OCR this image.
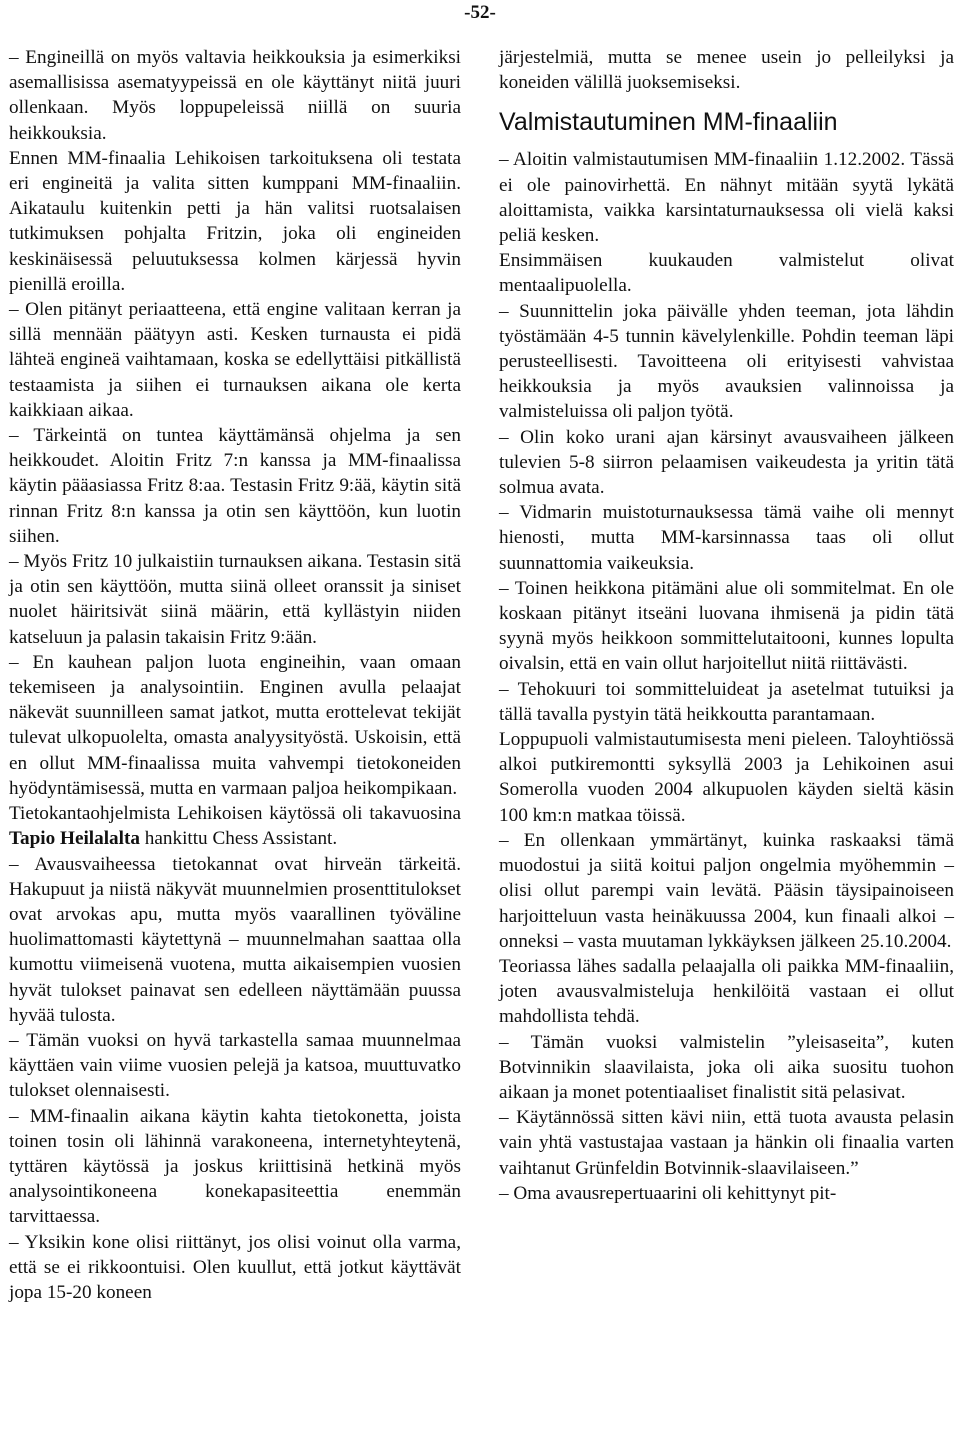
-52-

– Engineillä on myös valtavia heikkouksia ja esimerkiksi asemallisissa asematyypeissä en ole käyttänyt niitä juuri ollenkaan. Myös loppupeleissä niillä on suuria heikkouksia.

Ennen MM-finaalia Lehikoisen tarkoituksena oli testata eri engineitä ja valita sitten kumppani MM-finaaliin. Aikataulu kuitenkin petti ja hän valitsi ruotsalaisen tutkimuksen pohjalta Fritzin, joka oli engineiden keskinäisessä peluutuksessa kolmen kärjessä hyvin pienillä eroilla.

– Olen pitänyt periaatteena, että engine valitaan kerran ja sillä mennään päätyyn asti. Kesken turnausta ei pidä lähteä engineä vaihtamaan, koska se edellyttäisi pitkällistä testaamista ja siihen ei turnauksen aikana ole kerta kaikkiaan aikaa.

– Tärkeintä on tuntea käyttämänsä ohjelma ja sen heikkoudet. Aloitin Fritz 7:n kanssa ja MM-finaalissa käytin pääasiassa Fritz 8:aa. Testasin Fritz 9:ää, käytin sitä rinnan Fritz 8:n kanssa ja otin sen käyttöön, kun luotin siihen.

– Myös Fritz 10 julkaistiin turnauksen aikana. Testasin sitä ja otin sen käyttöön, mutta siinä olleet oranssit ja siniset nuolet häiritsivät siinä määrin, että kyllästyin niiden katseluun ja palasin takaisin Fritz 9:ään.

– En kauhean paljon luota engineihin, vaan omaan tekemiseen ja analysointiin. Enginen avulla pelaajat näkevät suunnilleen samat jatkot, mutta erottelevat tekijät tulevat ulkopuolelta, omasta analyysityöstä. Uskoisin, että en ollut MM-finaalissa muita vahvempi tietokoneiden hyödyntämisessä, mutta en varmaan paljoa heikompikaan.

Tietokantaohjelmista Lehikoisen käytössä oli takavuosina Tapio Heilalalta hankittu Chess Assistant.

– Avausvaiheessa tietokannat ovat hirveän tärkeitä. Hakupuut ja niistä näkyvät muunnelmien prosenttitulokset ovat arvokas apu, mutta myös vaarallinen työväline huolimattomasti käytettynä – muunnelmahan saattaa olla kumottu viimeisenä vuotena, mutta aikaisempien vuosien hyvät tulokset painavat sen edelleen näyttämään puussa hyvää tulosta.

– Tämän vuoksi on hyvä tarkastella samaa muunnelmaa käyttäen vain viime vuosien pelejä ja katsoa, muuttuvatko tulokset olennaisesti.

– MM-finaalin aikana käytin kahta tietokonetta, joista toinen tosin oli lähinnä varakoneena, internetyhteytenä, tyttären käytössä ja joskus kriittisinä hetkinä myös analysointikoneena konekapasiteettia enemmän tarvittaessa.

– Yksikin kone olisi riittänyt, jos olisi voinut olla varma, että se ei rikkoontuisi. Olen kuullut, että jotkut käyttävät jopa 15-20 koneen

järjestelmiä, mutta se menee usein jo pelleilyksi ja koneiden välillä juoksemiseksi.

Valmistautuminen MM-finaaliin

– Aloitin valmistautumisen MM-finaaliin 1.12.2002. Tässä ei ole painovirhettä. En nähnyt mitään syytä lykätä aloittamista, vaikka karsintaturnauksessa oli vielä kaksi peliä kesken.

Ensimmäisen kuukauden valmistelut olivat mentaalipuolella.

– Suunnittelin joka päivälle yhden teeman, jota lähdin työstämään 4-5 tunnin kävelylenkille. Pohdin teeman läpi perusteellisesti. Tavoitteena oli erityisesti vahvistaa heikkouksia ja myös avauksien valinnoissa ja valmisteluissa oli paljon työtä.

– Olin koko urani ajan kärsinyt avausvaiheen jälkeen tulevien 5-8 siirron pelaamisen vaikeudesta ja yritin tätä solmua avata.

– Vidmarin muistoturnauksessa tämä vaihe oli mennyt hienosti, mutta MM-karsinnassa taas oli ollut suunnattomia vaikeuksia.

– Toinen heikkona pitämäni alue oli sommitelmat. En ole koskaan pitänyt itseäni luovana ihmisenä ja pidin tätä syynä myös heikkoon sommittelutaitooni, kunnes lopulta oivalsin, että en vain ollut harjoitellut niitä riittävästi.

– Tehokuuri toi sommitteluideat ja asetelmat tutuiksi ja tällä tavalla pystyin tätä heikkoutta parantamaan.

Loppupuoli valmistautumisesta meni pieleen. Taloyhtiössä alkoi putkiremontti syksyllä 2003 ja Lehikoinen asui Somerolla vuoden 2004 alkupuolen käyden sieltä käsin 100 km:n matkaa töissä.

– En ollenkaan ymmärtänyt, kuinka raskaaksi tämä muodostui ja siitä koitui paljon ongelmia myöhemmin – olisi ollut parempi vain levätä. Pääsin täysipainoiseen harjoitteluun vasta heinäkuussa 2004, kun finaali alkoi – onneksi – vasta muutaman lykkäyksen jälkeen 25.10.2004.

Teoriassa lähes sadalla pelaajalla oli paikka MM-finaaliin, joten avausvalmisteluja henkilöitä vastaan ei ollut mahdollista tehdä.

– Tämän vuoksi valmistelin ”yleisaseita”, kuten Botvinnikin slaavilaista, joka oli aika suositu tuohon aikaan ja monet potentiaaliset finalistit sitä pelasivat.

– Käytännössä sitten kävi niin, että tuota avausta pelasin vain yhtä vastustajaa vastaan ja hänkin oli finaalia varten vaihtanut Grünfeldin Botvinnik-slaavilaiseen.”

– Oma avausrepertuaarini oli kehittynyt pit-
